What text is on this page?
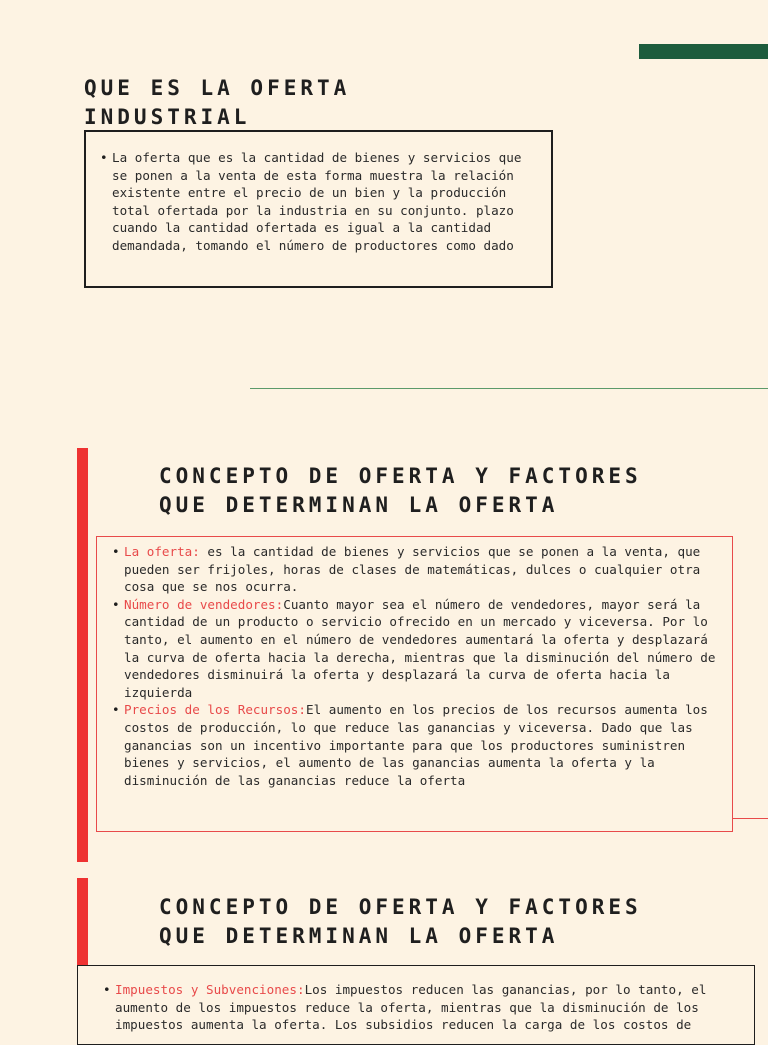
QUE ES LA OFERTA
INDUSTRIAL
• La oferta que es la cantidad de bienes y servicios que se ponen a la venta de esta forma muestra la relación existente entre el precio de un bien y la producción total ofertada por la industria en su conjunto. plazo cuando la cantidad ofertada es igual a la cantidad demandada, tomando el número de productores como dado
CONCEPTO DE OFERTA Y FACTORES
QUE DETERMINAN LA OFERTA
• La oferta: es la cantidad de bienes y servicios que se ponen a la venta, que pueden ser frijoles, horas de clases de matemáticas, dulces o cualquier otra cosa que se nos ocurra.
• Número de vendedores:Cuanto mayor sea el número de vendedores, mayor será la cantidad de un producto o servicio ofrecido en un mercado y viceversa. Por lo tanto, el aumento en el número de vendedores aumentará la oferta y desplazará la curva de oferta hacia la derecha, mientras que la disminución del número de vendedores disminuirá la oferta y desplazará la curva de oferta hacia la izquierda
• Precios de los Recursos:El aumento en los precios de los recursos aumenta los costos de producción, lo que reduce las ganancias y viceversa. Dado que las ganancias son un incentivo importante para que los productores suministren bienes y servicios, el aumento de las ganancias aumenta la oferta y la disminución de las ganancias reduce la oferta
CONCEPTO DE OFERTA Y FACTORES
QUE DETERMINAN LA OFERTA
• Impuestos y Subvenciones:Los impuestos reducen las ganancias, por lo tanto, el aumento de los impuestos reduce la oferta, mientras que la disminución de los impuestos aumenta la oferta. Los subsidios reducen la carga de los costos de
